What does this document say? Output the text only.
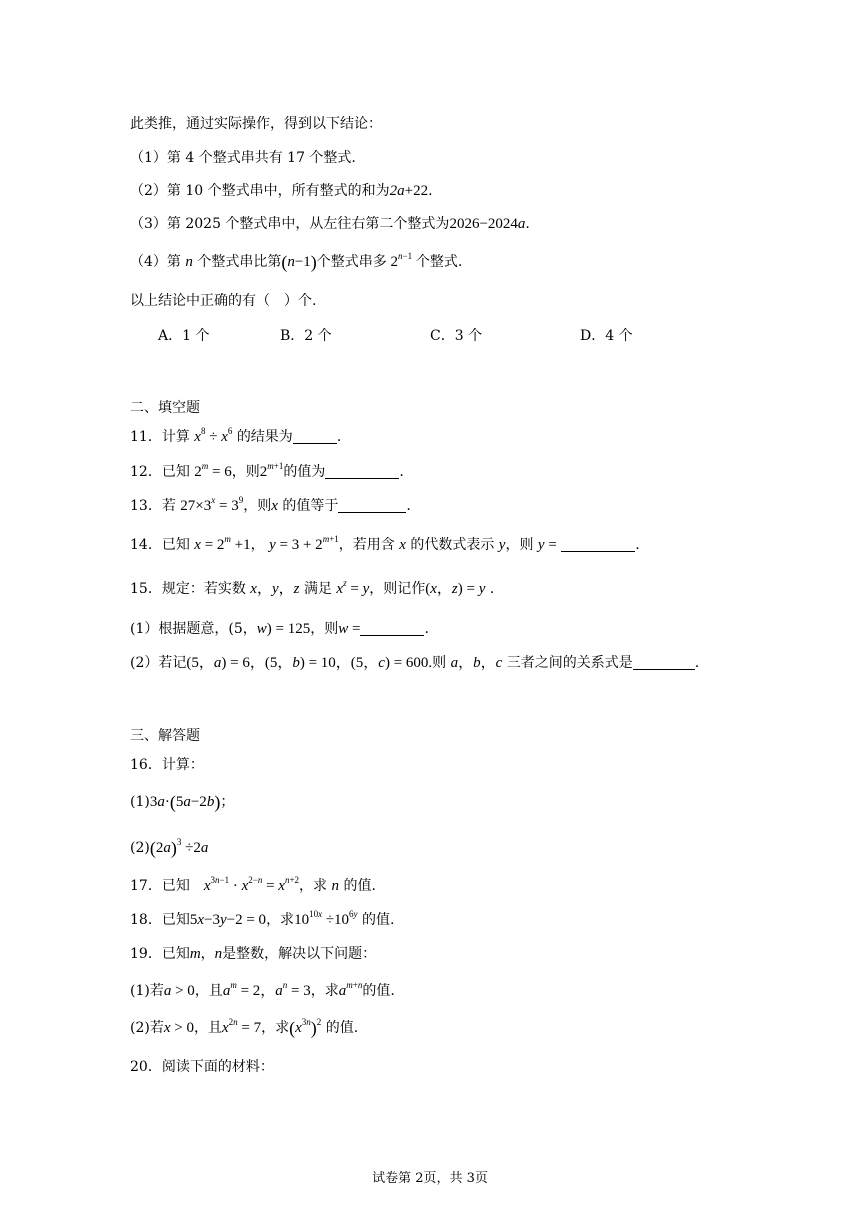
此类推，通过实际操作，得到以下结论：
（1）第 4 个整式串共有 17 个整式.
（2）第 10 个整式串中，所有整式的和为2a+22.
（3）第 2025 个整式串中，从左往右第二个整式为2026−2024a.
（4）第 n 个整式串比第(n−1)个整式串多 $2^{n-1}$ 个整式.
以上结论中正确的有（　）个.
A．1 个	B．2 个	C．3 个	D．4 个
二、填空题
11．计算 $x^8 \div x^6$ 的结果为	.
12．已知 $2^m = 6$，则$2^{m+1}$的值为	.
13．若 $27\times 3^x = 3^9$，则x 的值等于	.
14．已知 $x = 2^m +1$， $y = 3 + 2^{m+1}$，若用含 x 的代数式表示 y，则 y =	.
15．规定：若实数 x，y，z 满足 $x^z = y$，则记作(x，z) = y .
(1）根据题意，(5，w) = 125，则w =	.
(2）若记(5，a) = 6，(5，b) = 10，(5，c) = 600.则 a，b，c 三者之间的关系式是	.
三、解答题
16．计算：
(1)3a·(5a−2b)；
$(2)(2a)^3 \div 2a$
17．已知　 $x^{3n-1} \cdot x^{2-n} = x^{n+2}$，求 n 的值.
18．已知5x−3y−2 = 0，求$10^{10x} \div 10^{6y}$ 的值.
19．已知m，n是整数，解决以下问题：
(1)若a > 0，且$a^m = 2$，$a^n = 3$，求$a^{m+n}$的值.
(2)若x > 0，且$x^{2n} = 7$，求$(x^{3n})^2$ 的值.
20．阅读下面的材料：
试卷第 2页，共 3页
